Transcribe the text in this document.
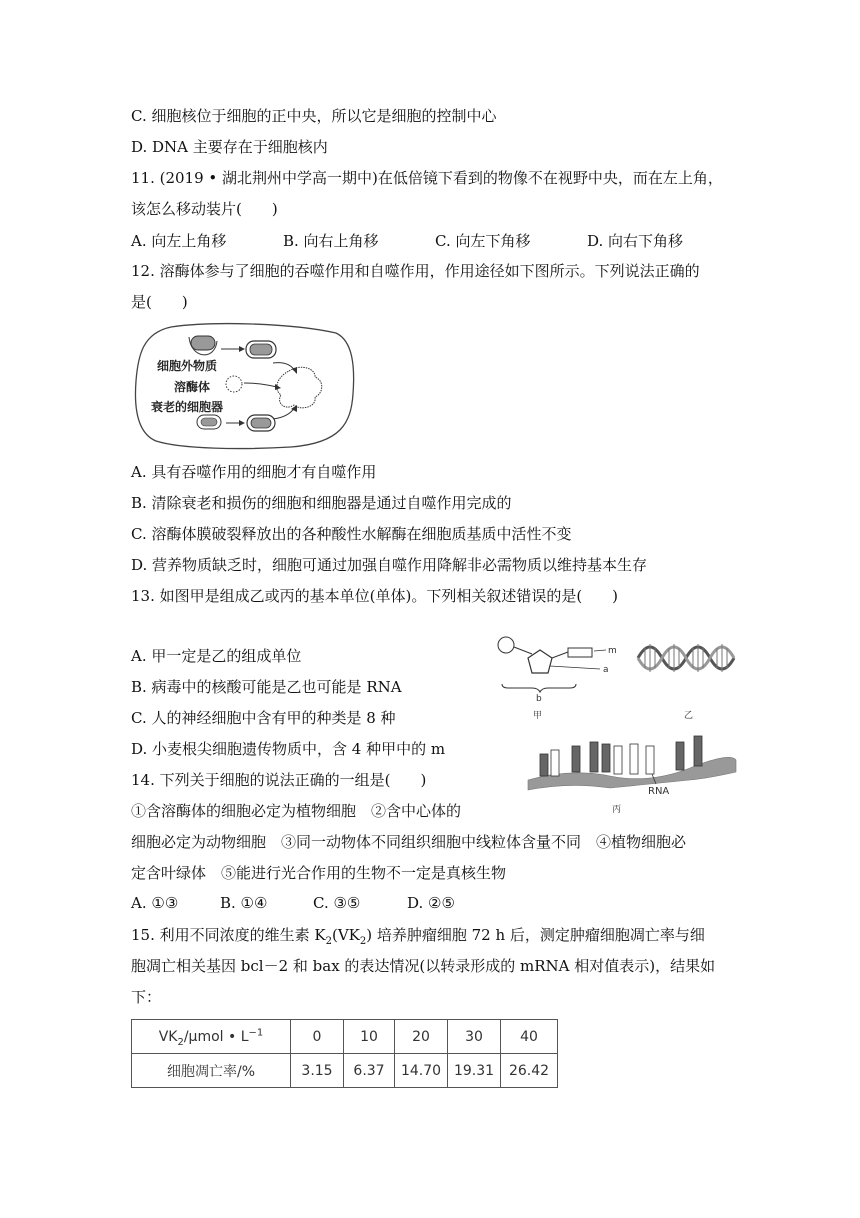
C. 细胞核位于细胞的正中央，所以它是细胞的控制中心
D. DNA 主要存在于细胞核内
11. (2019 • 湖北荆州中学高一期中)在低倍镜下看到的物像不在视野中央，而在左上角，
该怎么移动装片(　　)
A. 向左上角移	B. 向右上角移	C. 向左下角移	D. 向右下角移
12. 溶酶体参与了细胞的吞噬作用和自噬作用，作用途径如下图所示。下列说法正确的
是(　　)
细胞外物质
溶酶体
衰老的细胞器
A. 具有吞噬作用的细胞才有自噬作用
B. 清除衰老和损伤的细胞和细胞器是通过自噬作用完成的
C. 溶酶体膜破裂释放出的各种酸性水解酶在细胞质基质中活性不变
D. 营养物质缺乏时，细胞可通过加强自噬作用降解非必需物质以维持基本生存
13. 如图甲是组成乙或丙的基本单位(单体)。下列相关叙述错误的是(　　)
A. 甲一定是乙的组成单位
B. 病毒中的核酸可能是乙也可能是 RNA
C. 人的神经细胞中含有甲的种类是 8 种
D. 小麦根尖细胞遗传物质中，含 4 种甲中的 m
m
a
b
甲	乙
RNA
丙
14. 下列关于细胞的说法正确的一组是(　　)
①含溶酶体的细胞必定为植物细胞　②含中心体的
细胞必定为动物细胞　③同一动物体不同组织细胞中线粒体含量不同　④植物细胞必
定含叶绿体　⑤能进行光合作用的生物不一定是真核生物
A. ①③	B. ①④	C. ③⑤	D. ②⑤
15. 利用不同浓度的维生素 $K_2(VK_2)$ 培养肿瘤细胞 72 h 后，测定肿瘤细胞凋亡率与细
胞凋亡相关基因 bcl－2 和 bax 的表达情况(以转录形成的 mRNA 相对值表示)，结果如
下：
$VK_2$/μmol • $L^{-1}$	0	10	20	30	40
细胞凋亡率/%	3.15	6.37	14.70	19.31	26.42
